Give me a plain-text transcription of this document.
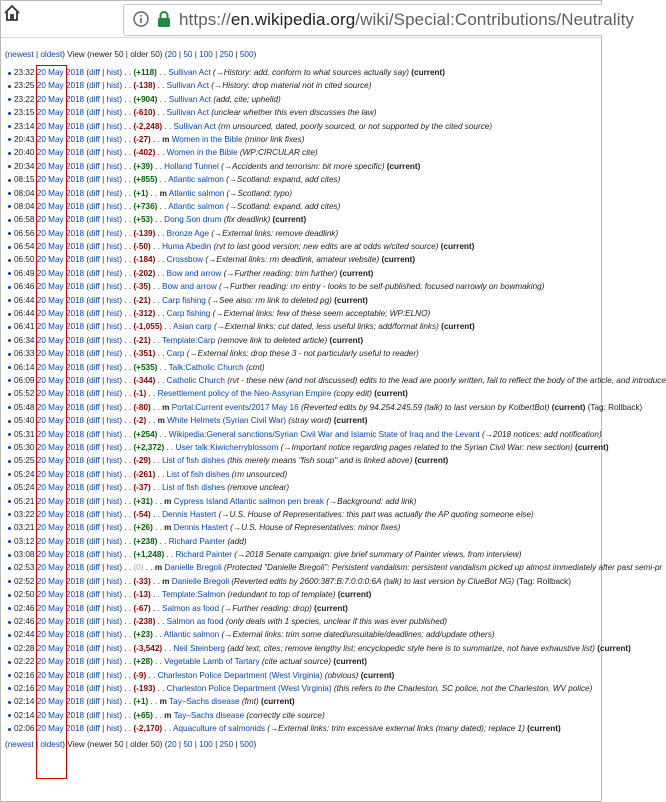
https://en.wikipedia.org/wiki/Special:Contributions/Neutrality
(newest | oldest) View (newer 50 | older 50) (20 | 50 | 100 | 250 | 500)
23:32 20 May 2018 (diff | hist) . . (+118) . . Sullivan Act (→History: add, conform to what sources actually say) (current)
23:25 20 May 2018 (diff | hist) . . (-138) . . Sullivan Act (→History: drop material not in cited source)
23:22 20 May 2018 (diff | hist) . . (+904) . . Sullivan Act (add, cite; uphelid)
23:15 20 May 2018 (diff | hist) . . (-610) . . Sullivan Act (unclear whether this even discusses the law)
23:14 20 May 2018 (diff | hist) . . (-2,248) . . Sullivan Act (rm unsourced, dated, poorly sourced, or not supported by the cited source)
20:43 20 May 2018 (diff | hist) . . (-27) . . m Women in the Bible (minor link fixes)
20:40 20 May 2018 (diff | hist) . . (-402) . . Women in the Bible (WP:CIRCULAR cite)
20:34 20 May 2018 (diff | hist) . . (+39) . . Holland Tunnel (→Accidents and terrorism: bit more specific) (current)
08:15 20 May 2018 (diff | hist) . . (+855) . . Atlantic salmon (→Scotland: expand, add cites)
08:04 20 May 2018 (diff | hist) . . (+1) . . m Atlantic salmon (→Scotland: typo)
08:04 20 May 2018 (diff | hist) . . (+736) . . Atlantic salmon (→Scotland: expand, add cites)
06:58 20 May 2018 (diff | hist) . . (+53) . . Dong Son drum (fix deadlink) (current)
06:56 20 May 2018 (diff | hist) . . (-139) . . Bronze Age (→External links: remove deadlink)
06:54 20 May 2018 (diff | hist) . . (-50) . . Huma Abedin (rvt to last good version; new edits are at odds w/cited source) (current)
06:50 20 May 2018 (diff | hist) . . (-184) . . Crossbow (→External links: rm deadlink, amateur website) (current)
06:49 20 May 2018 (diff | hist) . . (-202) . . Bow and arrow (→Further reading: trim further) (current)
06:46 20 May 2018 (diff | hist) . . (-35) . . Bow and arrow (→Further reading: rm entry - looks to be self-published, focused narrowly on bowmaking)
06:44 20 May 2018 (diff | hist) . . (-21) . . Carp fishing (→See also: rm link to deleted pg) (current)
06:44 20 May 2018 (diff | hist) . . (-312) . . Carp fishing (→External links: few of these seem acceptable; WP:ELNO)
06:41 20 May 2018 (diff | hist) . . (-1,055) . . Asian carp (→External links: cut dated, less useful links; add/format links) (current)
06:34 20 May 2018 (diff | hist) . . (-21) . . Template:Carp (remove link to deleted article) (current)
06:33 20 May 2018 (diff | hist) . . (-351) . . Carp (→External links: drop these 3 - not particularly useful to reader)
06:14 20 May 2018 (diff | hist) . . (+535) . . Talk:Catholic Church (cmt)
06:09 20 May 2018 (diff | hist) . . (-344) . . Catholic Church (rvt - these new (and not discussed) edits to the lead are poorly written, fail to reflect the body of the article, and introduce
05:52 20 May 2018 (diff | hist) . . (-1) . . Resettlement policy of the Neo-Assyrian Empire (copy edit) (current)
05:48 20 May 2018 (diff | hist) . . (-80) . . m Portal:Current events/2017 May 16 (Reverted edits by 94.254.245.59 (talk) to last version by KolbertBot) (current) (Tag: Rollback)
05:40 20 May 2018 (diff | hist) . . (-2) . . m White Helmets (Syrian Civil War) (stray word) (current)
05:31 20 May 2018 (diff | hist) . . (+254) . . Wikipedia:General sanctions/Syrian Civil War and Islamic State of Iraq and the Levant (→2018 notices: add notification)
05:30 20 May 2018 (diff | hist) . . (+2,372) . . User talk:Kiwicherryblossom (→Important notice regarding pages related to the Syrian Civil War: new section) (current)
05:25 20 May 2018 (diff | hist) . . (-29) . . List of fish dishes (this merely means "fish soup" and is linked above) (current)
05:24 20 May 2018 (diff | hist) . . (-261) . . List of fish dishes (rm unsourced)
05:24 20 May 2018 (diff | hist) . . (-37) . . List of fish dishes (remove unclear)
05:21 20 May 2018 (diff | hist) . . (+31) . . m Cypress Island Atlantic salmon pen break (→Background: add link)
03:22 20 May 2018 (diff | hist) . . (-54) . . Dennis Hastert (→U.S. House of Representatives: this part was actually the AP quoting someone else)
03:21 20 May 2018 (diff | hist) . . (+26) . . m Dennis Hastert (→U.S. House of Representatives: minor fixes)
03:12 20 May 2018 (diff | hist) . . (+238) . . Richard Painter (add)
03:08 20 May 2018 (diff | hist) . . (+1,248) . . Richard Painter (→2018 Senate campaign: give brief summary of Painter views, from interview)
02:53 20 May 2018 (diff | hist) . . (0) . . m Danielle Bregoli (Protected "Danielle Bregoli": Persistent vandalism: persistent vandalism picked up almost immediately after past semi-pr
02:52 20 May 2018 (diff | hist) . . (-33) . . m Danielle Bregoli (Reverted edits by 2600:387:B:7:0:0:0:6A (talk) to last version by ClueBot NG) (Tag: Rollback)
02:50 20 May 2018 (diff | hist) . . (-13) . . Template:Salmon (redundant to top of template) (current)
02:46 20 May 2018 (diff | hist) . . (-67) . . Salmon as food (→Further reading: drop) (current)
02:46 20 May 2018 (diff | hist) . . (-238) . . Salmon as food (only deals with 1 species, unclear if this was ever published)
02:44 20 May 2018 (diff | hist) . . (+23) . . Atlantic salmon (→External links: trim some dated/unsuitable/deadlines; add/update others)
02:28 20 May 2018 (diff | hist) . . (-3,542) . . Neil Steinberg (add text, cites; remove lengthy list; encyclopedic style here is to summarize, not have exhaustive list) (current)
02:22 20 May 2018 (diff | hist) . . (+28) . . Vegetable Lamb of Tartary (cite actual source) (current)
02:16 20 May 2018 (diff | hist) . . (-9) . . Charleston Police Department (West Virginia) (obvious) (current)
02:16 20 May 2018 (diff | hist) . . (-193) . . Charleston Police Department (West Virginia) (this refers to the Charleston, SC police, not the Charleston, WV police)
02:14 20 May 2018 (diff | hist) . . (+1) . . m Tay–Sachs disease (fmt) (current)
02:14 20 May 2018 (diff | hist) . . (+65) . . m Tay–Sachs disease (correctly cite source)
02:06 20 May 2018 (diff | hist) . . (-2,170) . . Aquaculture of salmonids (→External links: trim excessive external links (many dated); replace 1) (current)
(newest | oldest) View (newer 50 | older 50) (20 | 50 | 100 | 250 | 500)
